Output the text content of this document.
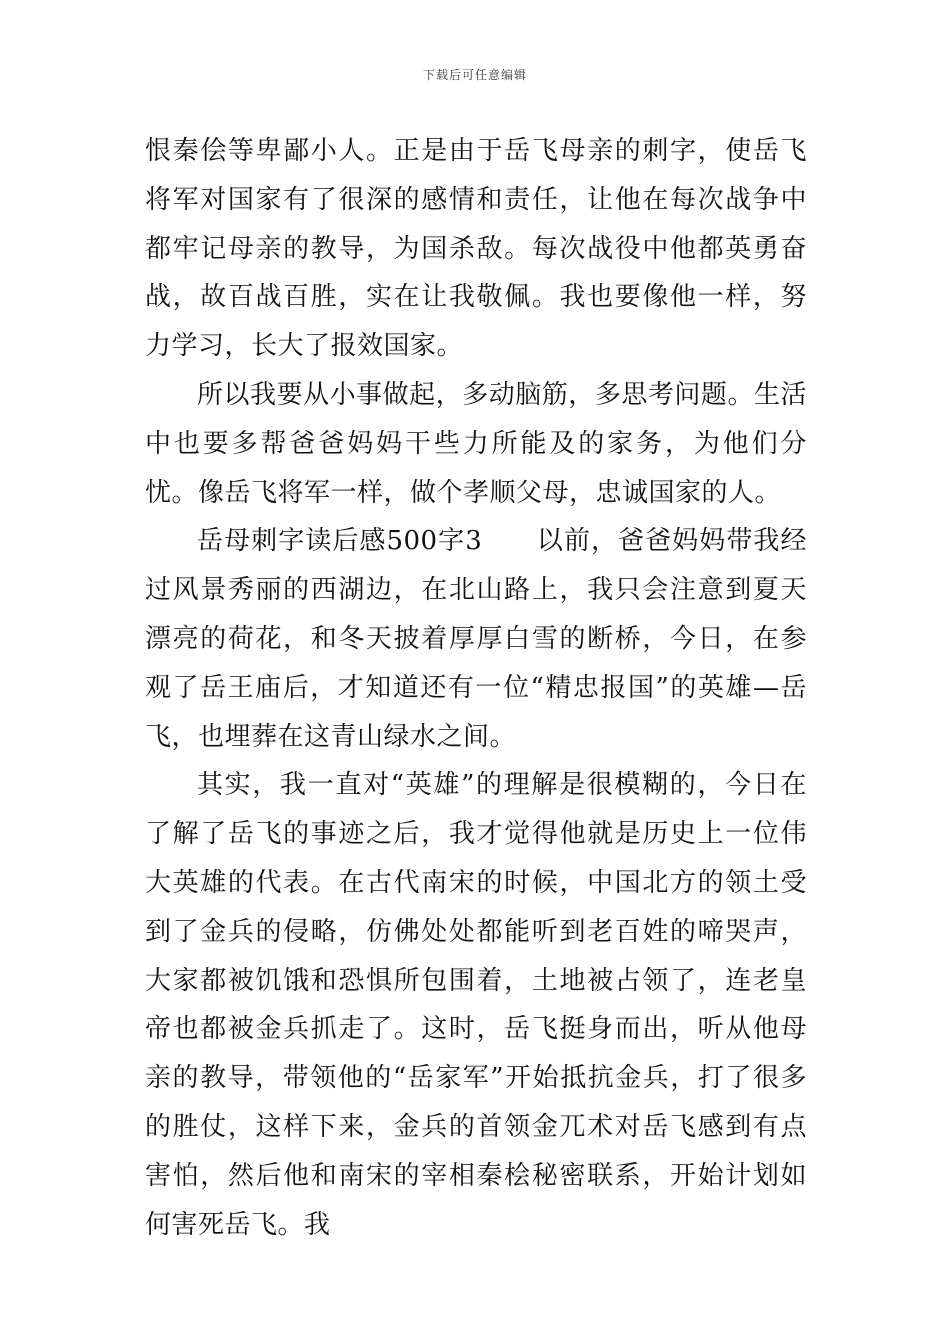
下载后可任意编辑

恨秦侩等卑鄙小人。正是由于岳飞母亲的刺字，使岳飞将军对国家有了很深的感情和责任，让他在每次战争中都牢记母亲的教导，为国杀敌。每次战役中他都英勇奋战，故百战百胜，实在让我敬佩。我也要像他一样，努力学习，长大了报效国家。

所以我要从小事做起，多动脑筋，多思考问题。生活中也要多帮爸爸妈妈干些力所能及的家务，为他们分忧。像岳飞将军一样，做个孝顺父母，忠诚国家的人。

岳母刺字读后感500字3　　以前，爸爸妈妈带我经过风景秀丽的西湖边，在北山路上，我只会注意到夏天漂亮的荷花，和冬天披着厚厚白雪的断桥，今日，在参观了岳王庙后，才知道还有一位“精忠报国”的英雄—岳飞，也埋葬在这青山绿水之间。

其实，我一直对“英雄”的理解是很模糊的，今日在了解了岳飞的事迹之后，我才觉得他就是历史上一位伟大英雄的代表。在古代南宋的时候，中国北方的领土受到了金兵的侵略，仿佛处处都能听到老百姓的啼哭声，大家都被饥饿和恐惧所包围着，土地被占领了，连老皇帝也都被金兵抓走了。这时，岳飞挺身而出，听从他母亲的教导，带领他的“岳家军”开始抵抗金兵，打了很多的胜仗，这样下来，金兵的首领金兀术对岳飞感到有点害怕，然后他和南宋的宰相秦桧秘密联系，开始计划如何害死岳飞。我
